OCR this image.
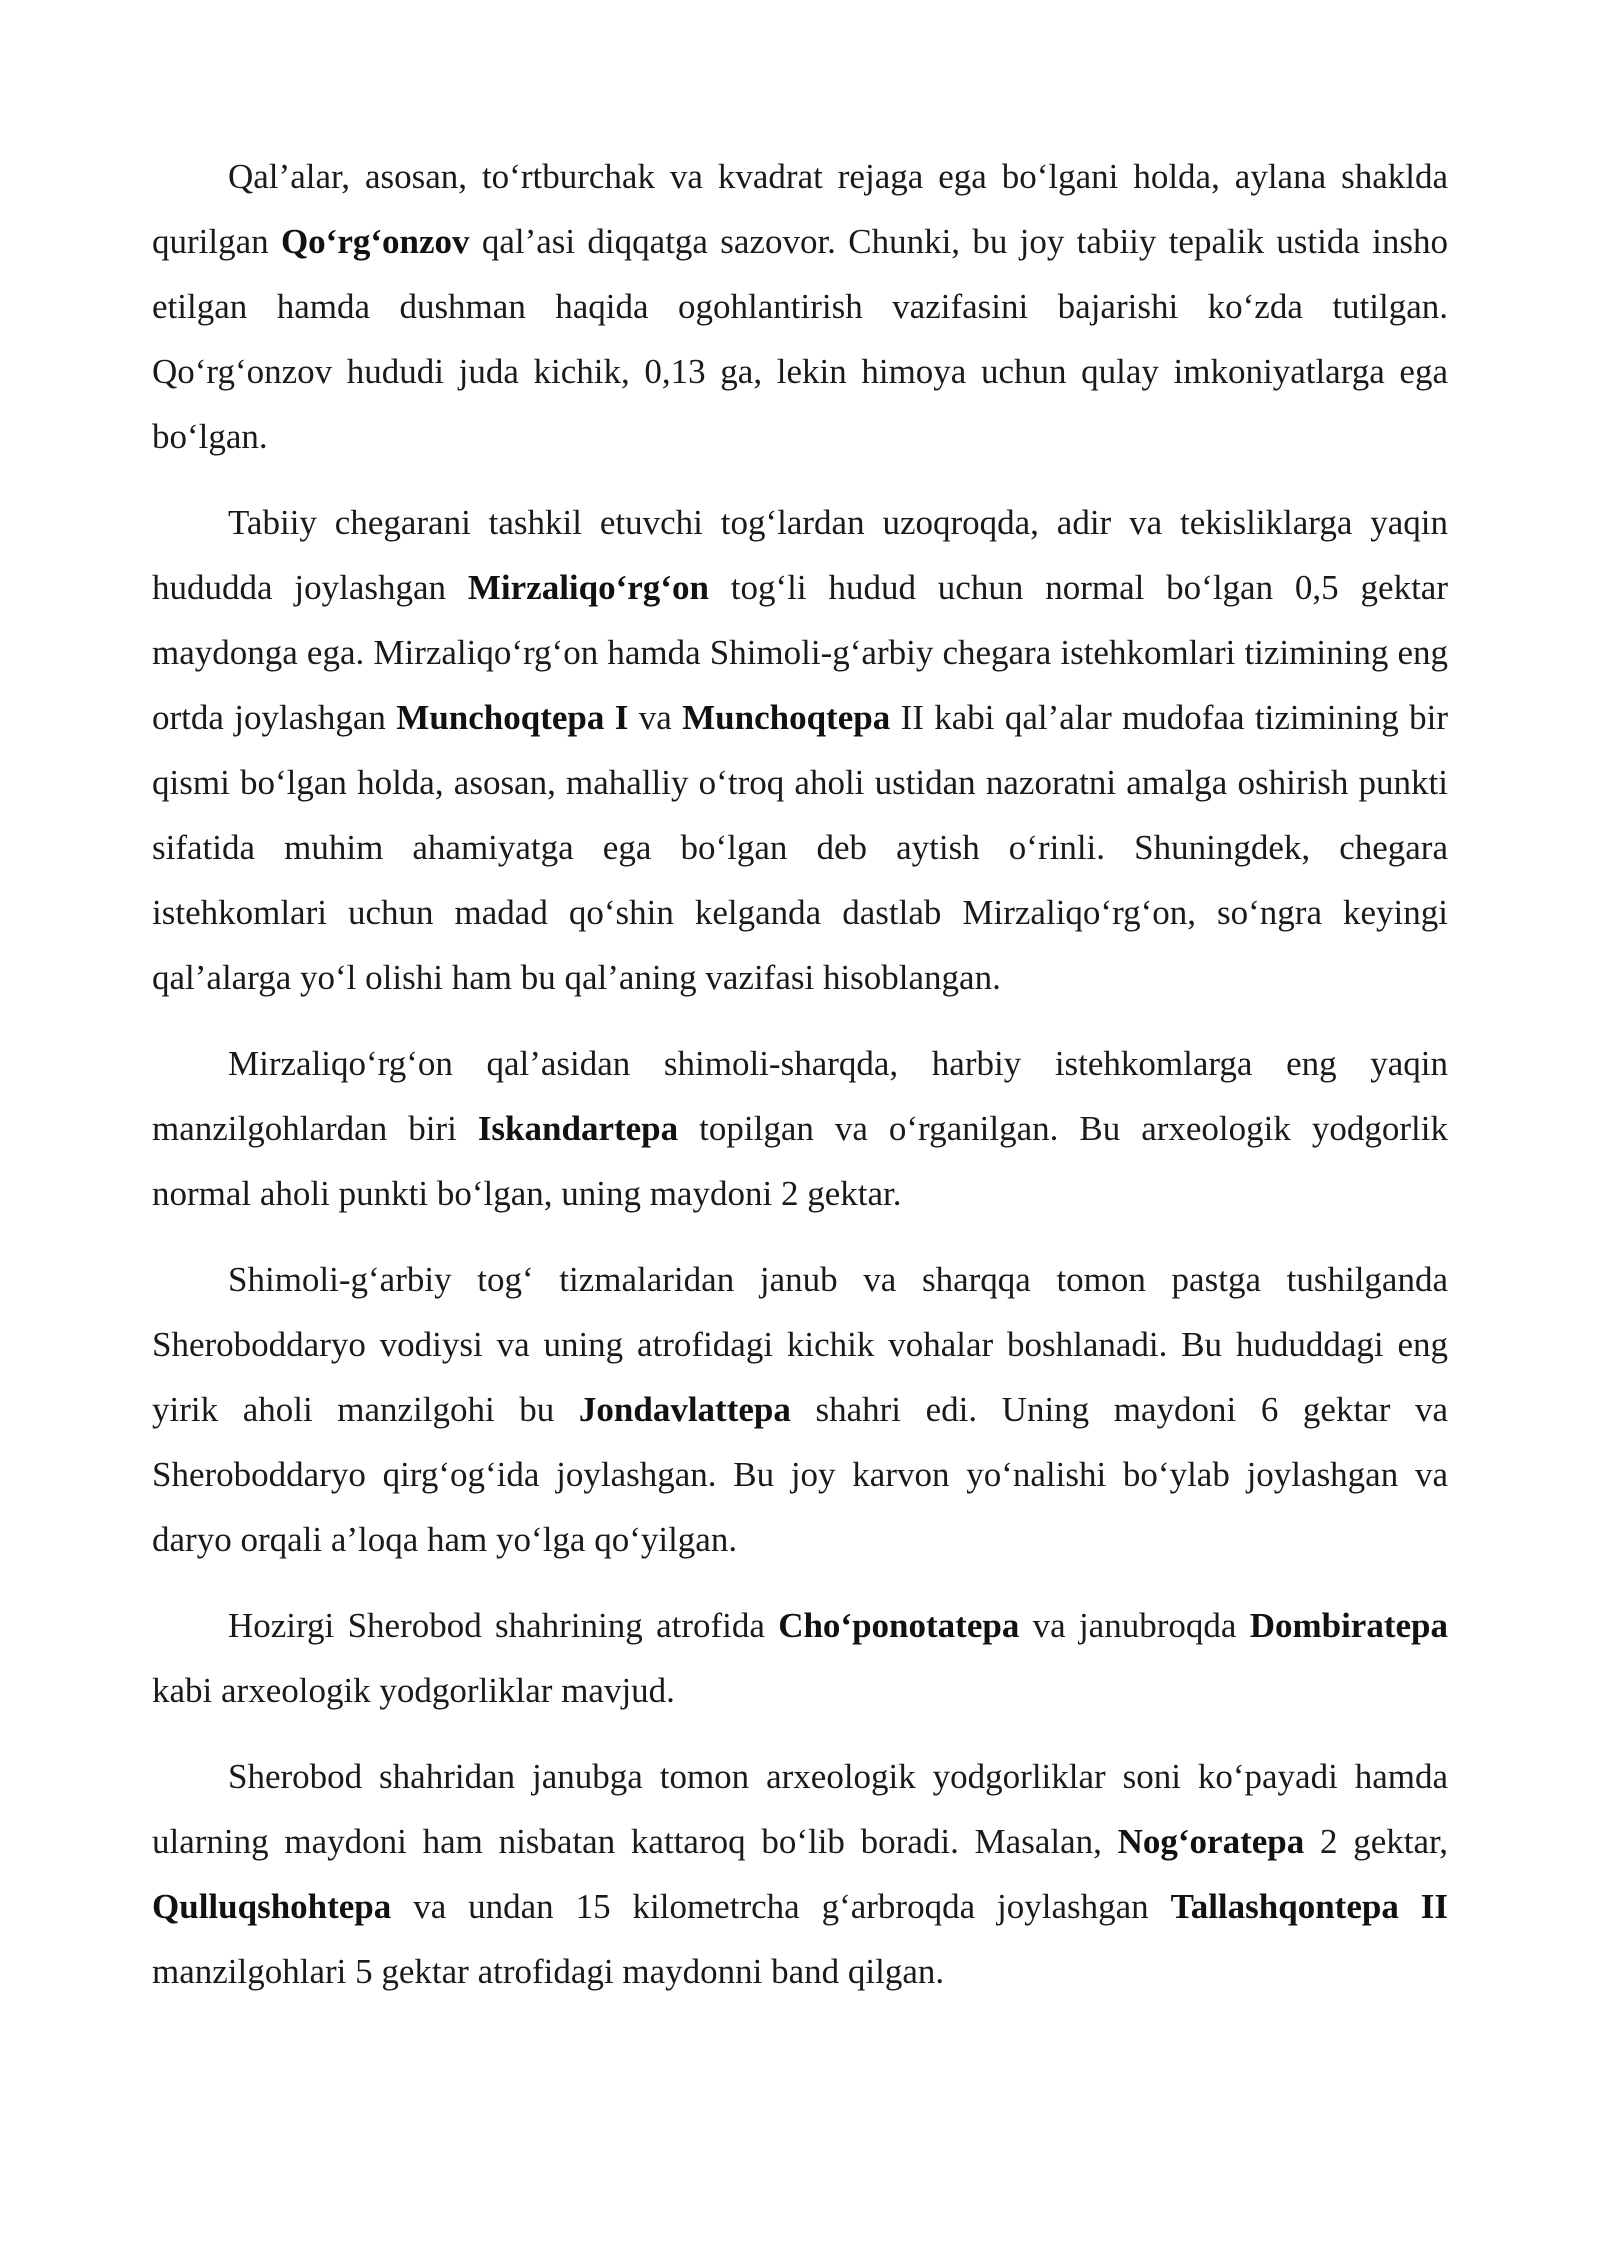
Qal’alar, asosan, to‘rtburchak va kvadrat rejaga ega bo‘lgani holda, aylana shaklda qurilgan Qo‘rg‘onzov qal’asi diqqatga sazovor. Chunki, bu joy tabiiy tepalik ustida insho etilgan hamda dushman haqida ogohlantirish vazifasini bajarishi ko‘zda tutilgan. Qo‘rg‘onzov hududi juda kichik, 0,13 ga, lekin himoya uchun qulay imkoniyatlarga ega bo‘lgan.

Tabiiy chegarani tashkil etuvchi tog‘lardan uzoqroqda, adir va tekisliklarga yaqin hududda joylashgan Mirzaliqo‘rg‘on tog‘li hudud uchun normal bo‘lgan 0,5 gektar maydonga ega. Mirzaliqo‘rg‘on hamda Shimoli-g‘arbiy chegara istehkomlari tizimining eng ortda joylashgan Munchoqtepa I va Munchoqtepa II kabi qal’alar mudofaa tizimining bir qismi bo‘lgan holda, asosan, mahalliy o‘troq aholi ustidan nazoratni amalga oshirish punkti sifatida muhim ahamiyatga ega bo‘lgan deb aytish o‘rinli. Shuningdek, chegara istehkomlari uchun madad qo‘shin kelganda dastlab Mirzaliqo‘rg‘on, so‘ngra keyingi qal’alarga yo‘l olishi ham bu qal’aning vazifasi hisoblangan.

Mirzaliqo‘rg‘on qal’asidan shimoli-sharqda, harbiy istehkomlarga eng yaqin manzilgohlardan biri Iskandartepa topilgan va o‘rganilgan. Bu arxeologik yodgorlik normal aholi punkti bo‘lgan, uning maydoni 2 gektar.

Shimoli-g‘arbiy tog‘ tizmalaridan janub va sharqqa tomon pastga tushilganda Sheroboddaryo vodiysi va uning atrofidagi kichik vohalar boshlanadi. Bu hududdagi eng yirik aholi manzilgohi bu Jondavlattepa shahri edi. Uning maydoni 6 gektar va Sheroboddaryo qirg‘og‘ida joylashgan. Bu joy karvon yo‘nalishi bo‘ylab joylashgan va daryo orqali a’loqa ham yo‘lga qo‘yilgan.

Hozirgi Sherobod shahrining atrofida Cho‘ponotatepa va janubroqda Dombiratepa kabi arxeologik yodgorliklar mavjud.

Sherobod shahridan janubga tomon arxeologik yodgorliklar soni ko‘payadi hamda ularning maydoni ham nisbatan kattaroq bo‘lib boradi. Masalan, Nog‘oratepa 2 gektar, Qulluqshohtepa va undan 15 kilometrcha g‘arbroqda joylashgan Tallashqontepa II manzilgohlari 5 gektar atrofidagi maydonni band qilgan.
